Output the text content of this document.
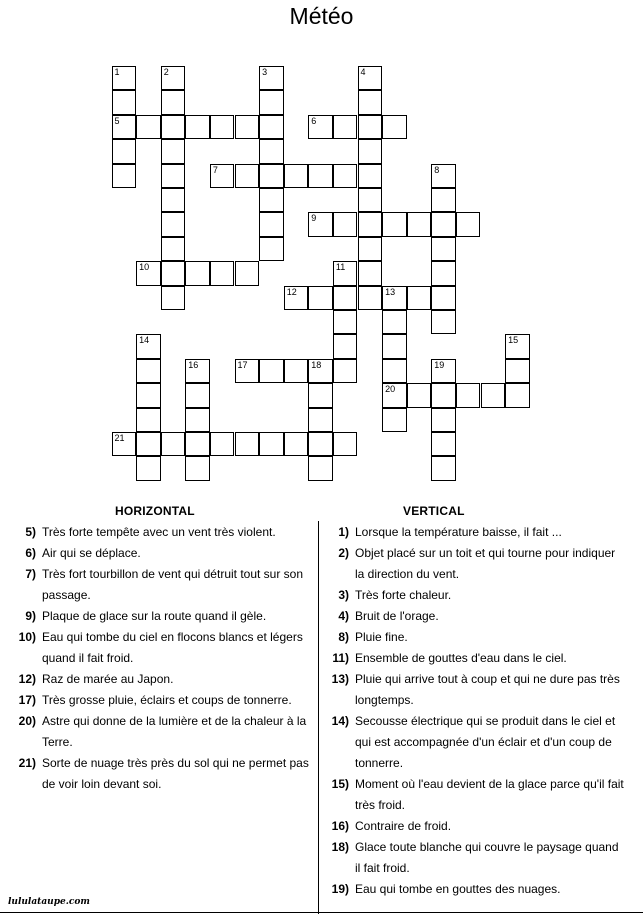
Météo
1
5
2	3	4
6
7	8
9
10	11
12	13
20
14	15
16	17	18	19
21
HORIZONTAL	VERTICAL
5) Très forte tempête avec un vent très violent.
6) Air qui se déplace.
7) Très fort tourbillon de vent qui détruit tout sur son passage.
9) Plaque de glace sur la route quand il gèle.
10) Eau qui tombe du ciel en flocons blancs et légers quand il fait froid.
12) Raz de marée au Japon.
17) Très grosse pluie, éclairs et coups de tonnerre.
20) Astre qui donne de la lumière et de la chaleur à la Terre.
21) Sorte de nuage très près du sol qui ne permet pas de voir loin devant soi.
1) Lorsque la température baisse, il fait ...
2) Objet placé sur un toit et qui tourne pour indiquer la direction du vent.
3) Très forte chaleur.
4) Bruit de l'orage.
8) Pluie fine.
11) Ensemble de gouttes d'eau dans le ciel.
13) Pluie qui arrive tout à coup et qui ne dure pas très longtemps.
14) Secousse électrique qui se produit dans le ciel et qui est accompagnée d'un éclair et d'un coup de tonnerre.
15) Moment où l'eau devient de la glace parce qu'il fait très froid.
16) Contraire de froid.
18) Glace toute blanche qui couvre le paysage quand il fait froid.
19) Eau qui tombe en gouttes des nuages.
lululataupe.com
